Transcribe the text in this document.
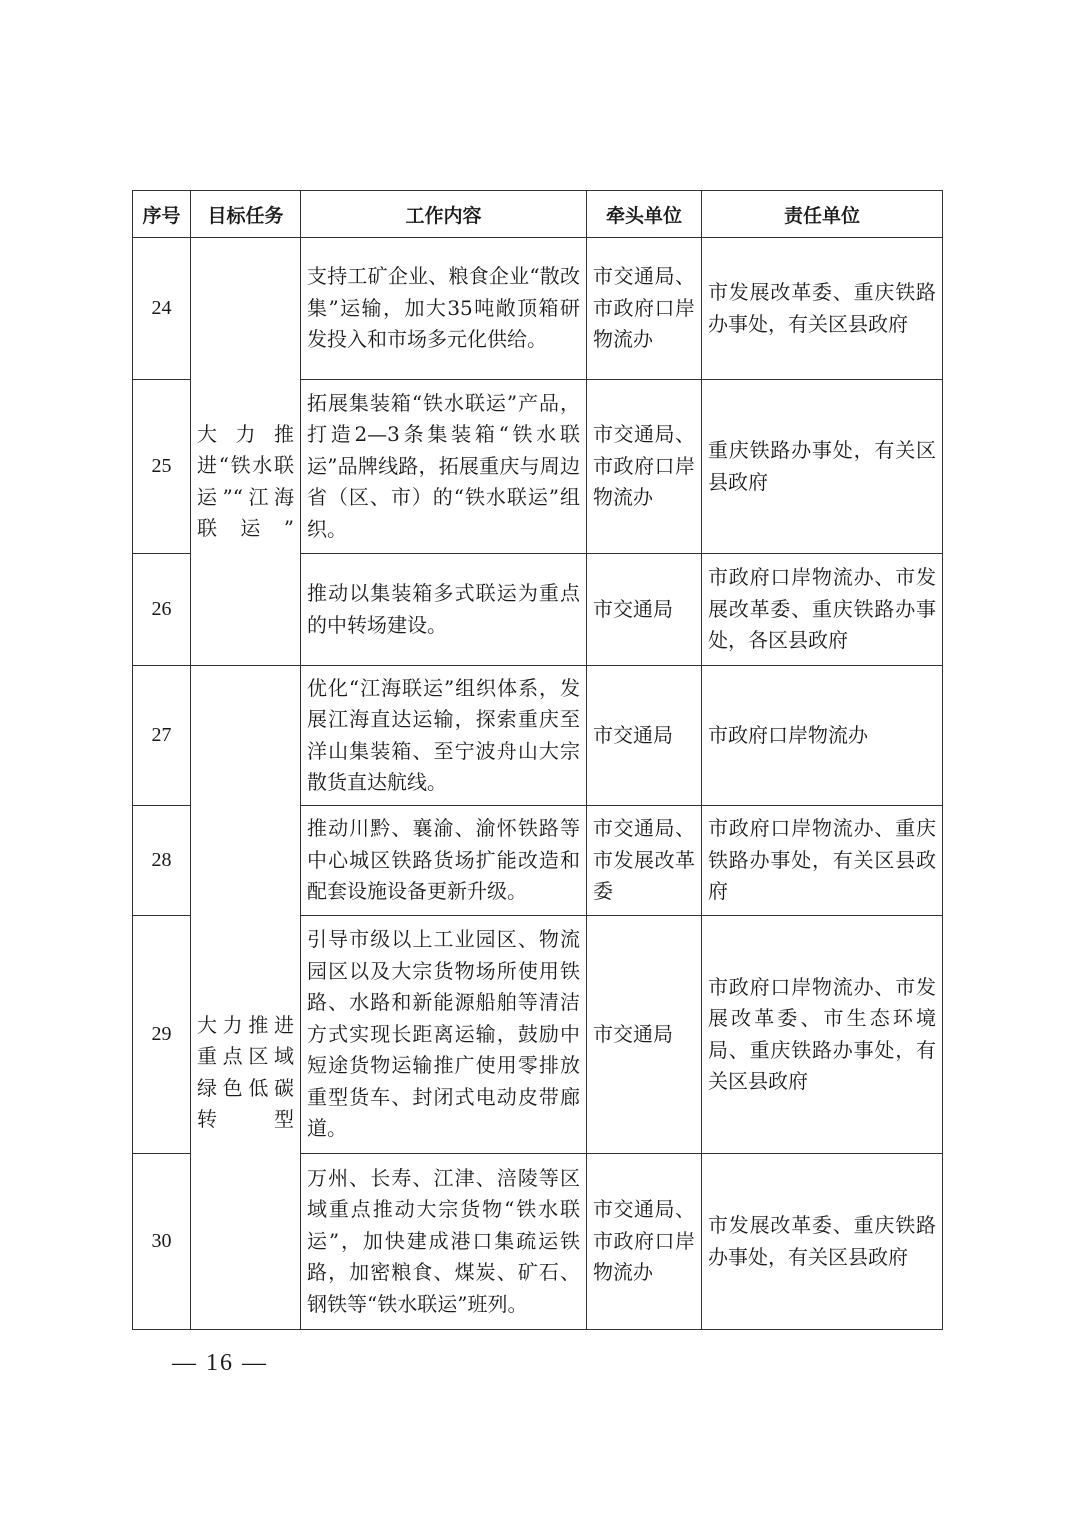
序号	目标任务	工作内容	牵头单位	责任单位
24	大力推进“铁水联运”“江海联运”	支持工矿企业、粮食企业“散改集”运输，加大35吨敞顶箱研发投入和市场多元化供给。	市交通局、市政府口岸物流办	市发展改革委、重庆铁路办事处，有关区县政府
25		拓展集装箱“铁水联运”产品，打造2—3条集装箱“铁水联运”品牌线路，拓展重庆与周边省（区、市）的“铁水联运”组织。	市交通局、市政府口岸物流办	重庆铁路办事处，有关区县政府
26		推动以集装箱多式联运为重点的中转场建设。	市交通局	市政府口岸物流办、市发展改革委、重庆铁路办事处，各区县政府
27	大力推进重点区域绿色低碳转型	优化“江海联运”组织体系，发展江海直达运输，探索重庆至洋山集装箱、至宁波舟山大宗散货直达航线。	市交通局	市政府口岸物流办
28		推动川黔、襄渝、渝怀铁路等中心城区铁路货场扩能改造和配套设施设备更新升级。	市交通局、市发展改革委	市政府口岸物流办、重庆铁路办事处，有关区县政府
29		引导市级以上工业园区、物流园区以及大宗货物场所使用铁路、水路和新能源船舶等清洁方式实现长距离运输，鼓励中短途货物运输推广使用零排放重型货车、封闭式电动皮带廊道。	市交通局	市政府口岸物流办、市发展改革委、市生态环境局、重庆铁路办事处，有关区县政府
30		万州、长寿、江津、涪陵等区域重点推动大宗货物“铁水联运”，加快建成港口集疏运铁路，加密粮食、煤炭、矿石、钢铁等“铁水联运”班列。	市交通局、市政府口岸物流办	市发展改革委、重庆铁路办事处，有关区县政府
— 16 —
